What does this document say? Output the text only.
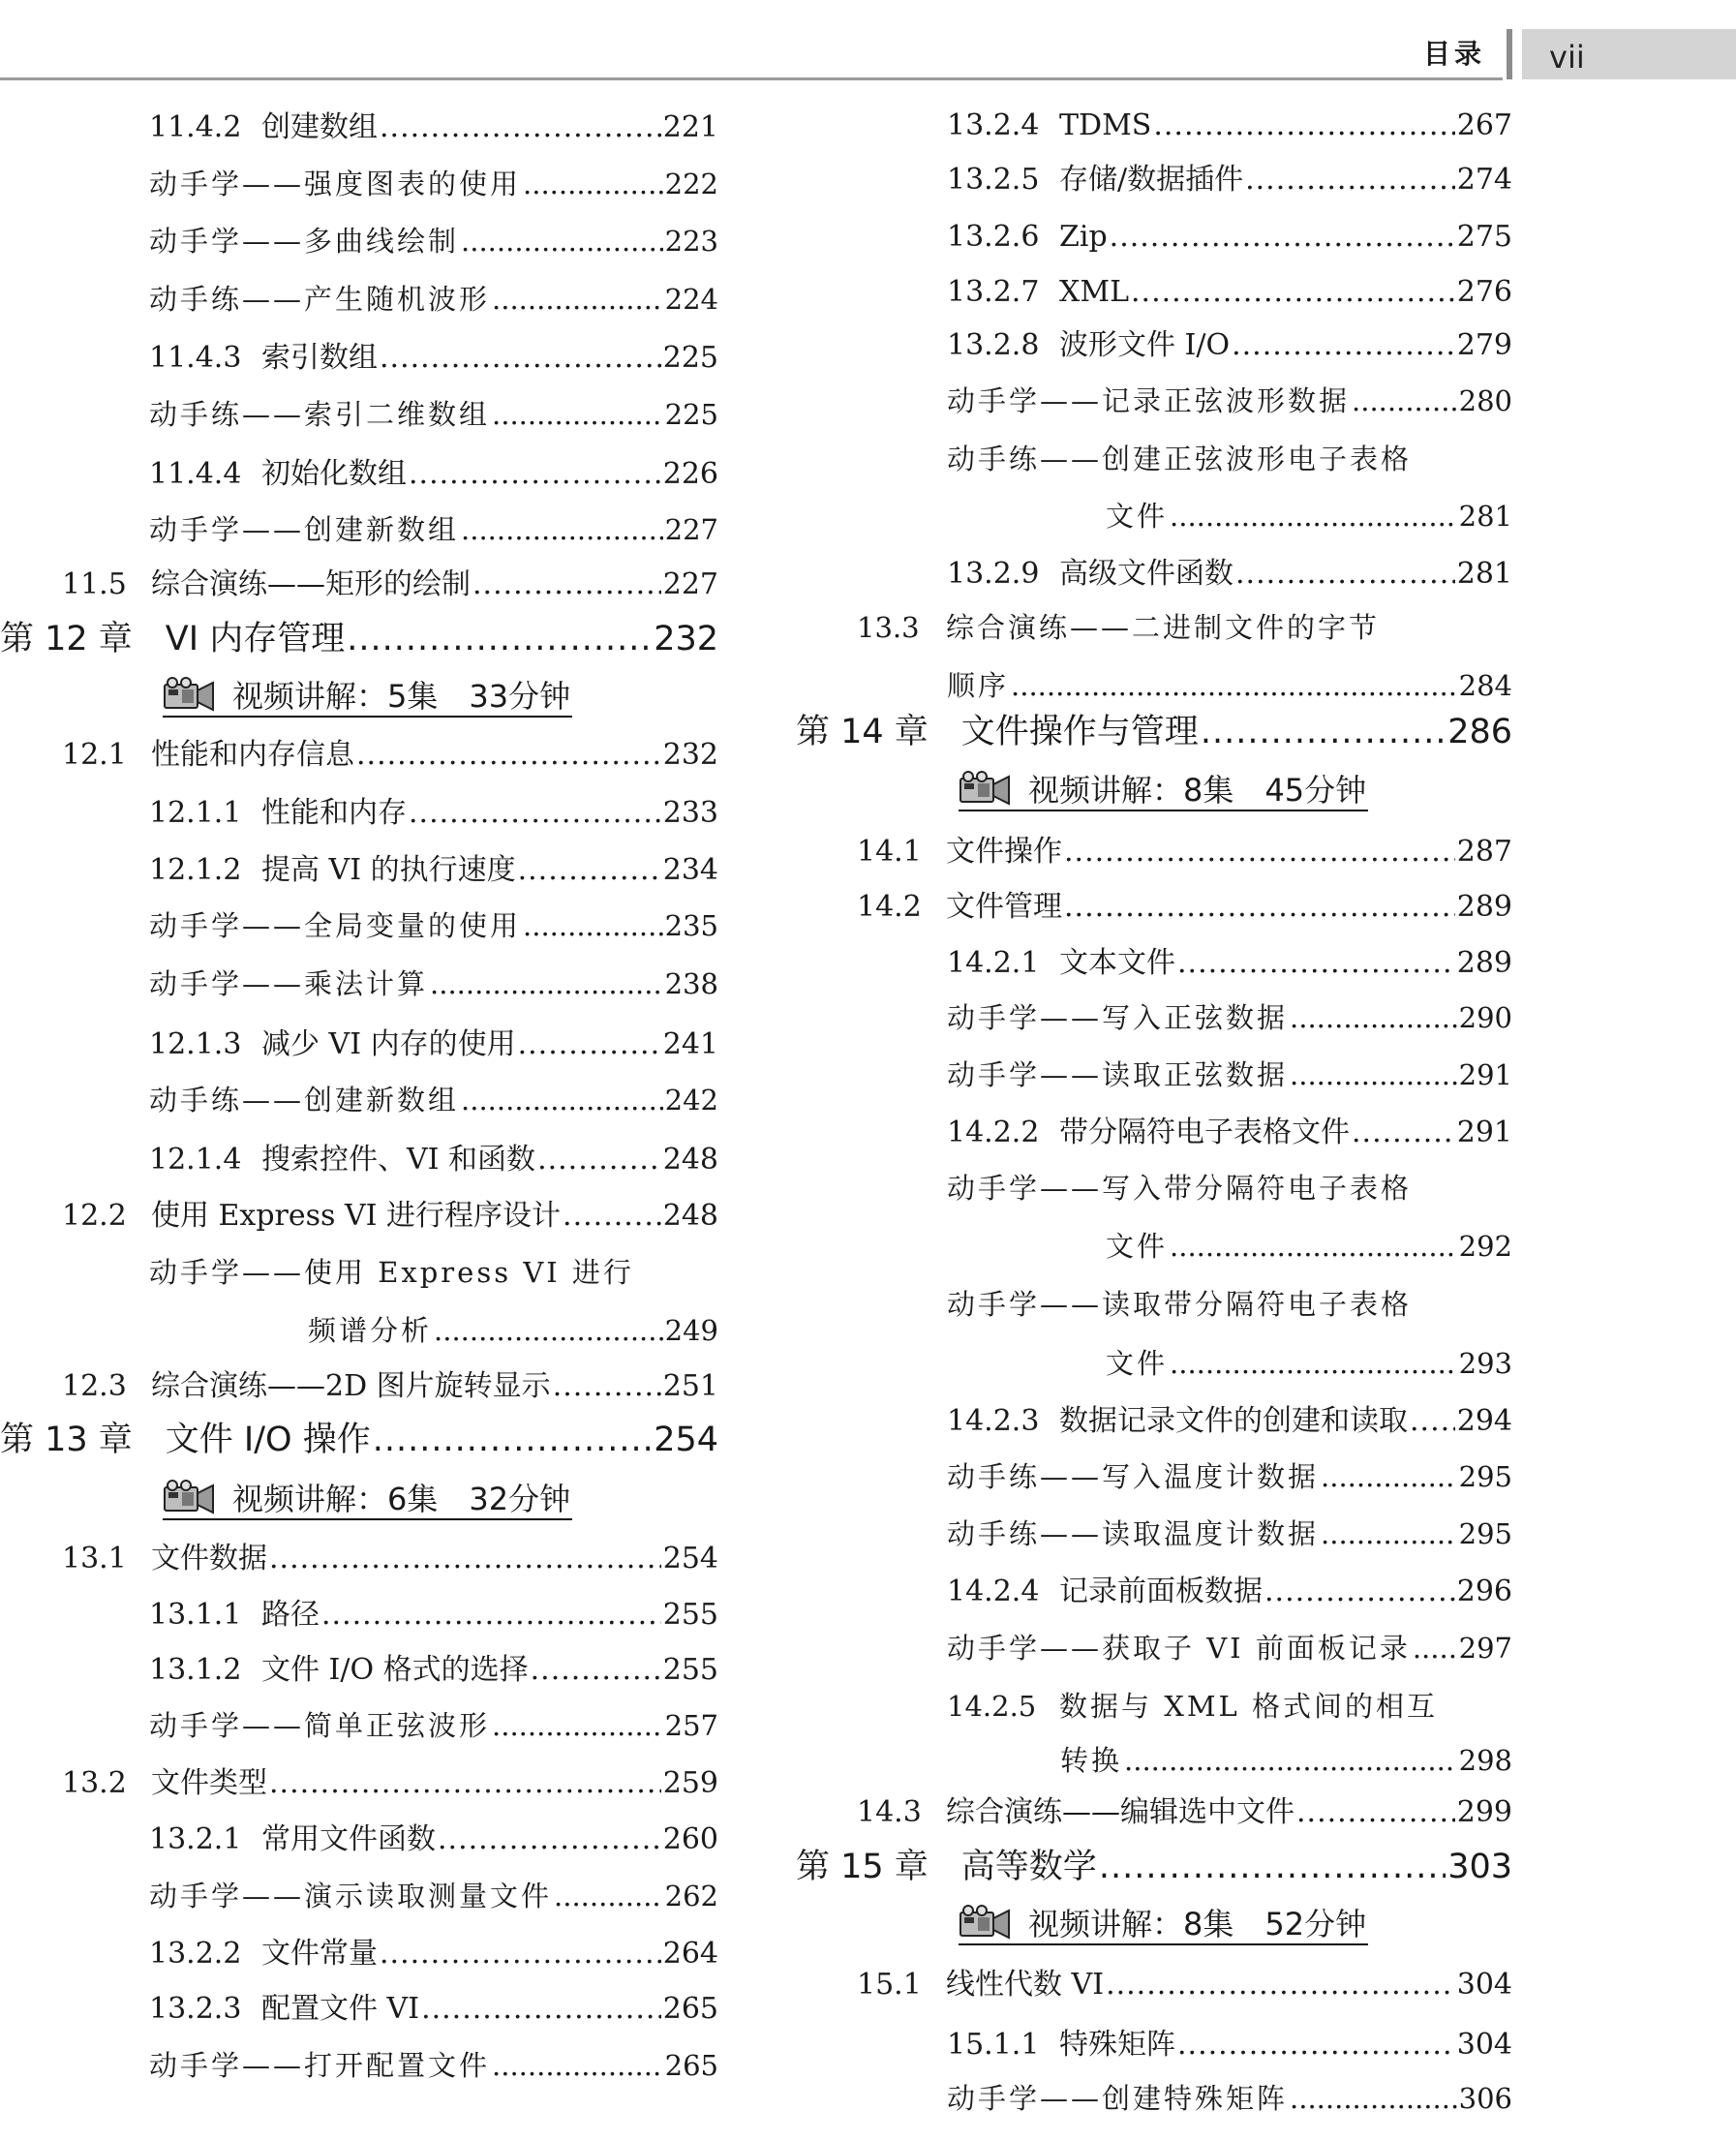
目录 vii
11.4.2 创建数组 .....	221
动手学——强度图表的使用 .....	222
动手学——多曲线绘制 .....	223
动手练——产生随机波形 .....	224
11.4.3 索引数组 .....	225
动手练——索引二维数组 .....	225
11.4.4 初始化数组 .....	226
动手学——创建新数组 .....	227
11.5 综合演练——矩形的绘制 .....	227
第 12 章 VI 内存管理 .....	232
视频讲解：5集　33分钟
12.1 性能和内存信息 .....	232
12.1.1 性能和内存 .....	233
12.1.2 提高 VI 的执行速度 .....	234
动手学——全局变量的使用 .....	235
动手学——乘法计算 .....	238
12.1.3 减少 VI 内存的使用 .....	241
动手练——创建新数组 .....	242
12.1.4 搜索控件、VI 和函数 .....	248
12.2 使用 Express VI 进行程序设计 .....	248
动手学——使用 Express VI 进行
频谱分析 .....	249
12.3 综合演练——2D 图片旋转显示 .....	251
第 13 章 文件 I/O 操作 .....	254
视频讲解：6集　32分钟
13.1 文件数据 .....	254
13.1.1 路径 .....	255
13.1.2 文件 I/O 格式的选择 .....	255
动手学——简单正弦波形 .....	257
13.2 文件类型 .....	259
13.2.1 常用文件函数 .....	260
动手学——演示读取测量文件 .....	262
13.2.2 文件常量 .....	264
13.2.3 配置文件 VI .....	265
动手学——打开配置文件 .....	265
13.2.4 TDMS .....	267
13.2.5 存储/数据插件 .....	274
13.2.6 Zip .....	275
13.2.7 XML .....	276
13.2.8 波形文件 I/O .....	279
动手学——记录正弦波形数据 .....	280
动手练——创建正弦波形电子表格
文件 .....	281
13.2.9 高级文件函数 .....	281
13.3 综合演练——二进制文件的字节
顺序 .....	284
第 14 章 文件操作与管理 .....	286
视频讲解：8集　45分钟
14.1 文件操作 .....	287
14.2 文件管理 .....	289
14.2.1 文本文件 .....	289
动手学——写入正弦数据 .....	290
动手学——读取正弦数据 .....	291
14.2.2 带分隔符电子表格文件 .....	291
动手学——写入带分隔符电子表格
文件 .....	292
动手学——读取带分隔符电子表格
文件 .....	293
14.2.3 数据记录文件的创建和读取 ..... 294
动手练——写入温度计数据 .....	295
动手练——读取温度计数据 .....	295
14.2.4 记录前面板数据 .....	296
动手学——获取子 VI 前面板记录 ..... 297
14.2.5 数据与 XML 格式间的相互
转换 .....	298
14.3 综合演练——编辑选中文件 .....	299
第 15 章 高等数学 .....	303
视频讲解：8集　52分钟
15.1 线性代数 VI .....	304
15.1.1 特殊矩阵 .....	304
动手学——创建特殊矩阵 .....	306
